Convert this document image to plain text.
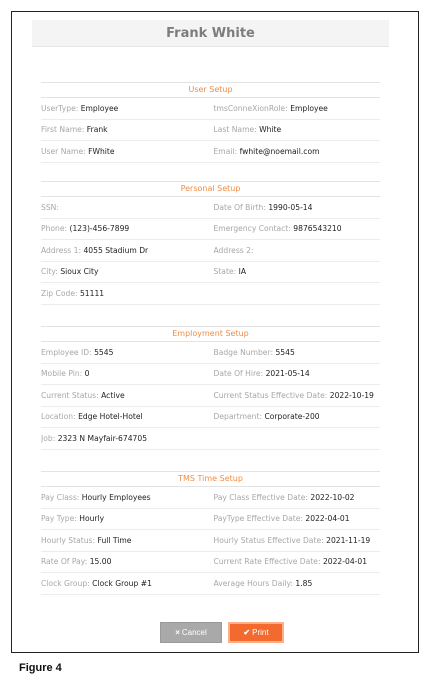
Frank White
User Setup
UserType: Employee	tmsConneXionRole: Employee
First Name: Frank	Last Name: White
User Name: FWhite	Email: fwhite@noemail.com
Personal Setup
SSN:	Date Of Birth: 1990-05-14
Phone: (123)-456-7899	Emergency Contact: 9876543210
Address 1: 4055 Stadium Dr	Address 2:
City: Sioux City	State: IA
Zip Code: 51111
Employment Setup
Employee ID: 5545	Badge Number: 5545
Mobile Pin: 0	Date Of Hire: 2021-05-14
Current Status: Active	Current Status Effective Date: 2022-10-19
Location: Edge Hotel-Hotel	Department: Corporate-200
Job: 2323 N Mayfair-674705
TMS Time Setup
Pay Class: Hourly Employees	Pay Class Effective Date: 2022-10-02
Pay Type: Hourly	PayType Effective Date: 2022-04-01
Hourly Status: Full Time	Hourly Status Effective Date: 2021-11-19
Rate Of Pay: 15.00	Current Rate Effective Date: 2022-04-01
Clock Group: Clock Group #1	Average Hours Daily: 1.85
× Cancel	✔ Print
Figure 4
